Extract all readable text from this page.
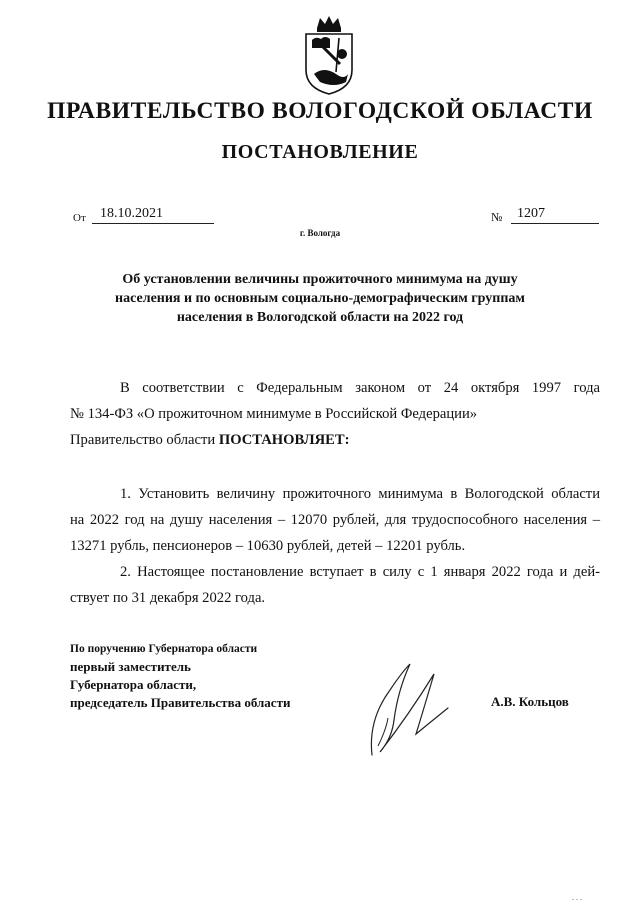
ПРАВИТЕЛЬСТВО ВОЛОГОДСКОЙ ОБЛАСТИ
ПОСТАНОВЛЕНИЕ
От	18.10.2021	№	1207
г. Вологда
Об установлении величины прожиточного минимума на душу
населения и по основным социально-демографическим группам
населения в Вологодской области на 2022 год
В соответствии с Федеральным законом от 24 октября 1997 года
№ 134-ФЗ «О прожиточном минимуме в Российской Федерации»
Правительство области ПОСТАНОВЛЯЕТ:
1. Установить величину прожиточного минимума в Вологодской области
на 2022 год на душу населения – 12070 рублей, для трудоспособного населения –
13271 рубль, пенсионеров – 10630 рублей, детей – 12201 рубль.
2. Настоящее постановление вступает в силу с 1 января 2022 года и дей-
ствует по 31 декабря 2022 года.
По поручению Губернатора области
первый заместитель
Губернатора области,
председатель Правительства области	А.В. Кольцов
. . .
